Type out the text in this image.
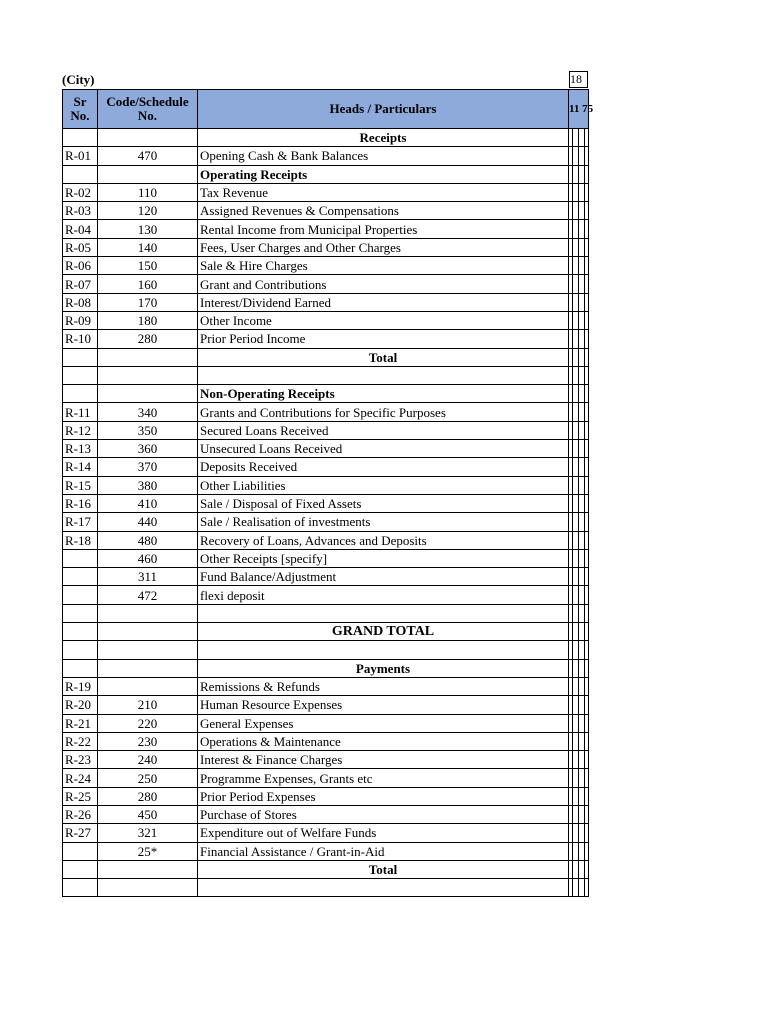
(City)	18
Sr No.	Code/Schedule No.	Heads / Particulars	11 75			
		Receipts				
R-01	470	Opening Cash & Bank Balances				
		Operating Receipts				
R-02	110	Tax Revenue				
R-03	120	Assigned Revenues & Compensations				
R-04	130	Rental Income from Municipal Properties				
R-05	140	Fees, User Charges and Other Charges				
R-06	150	Sale & Hire Charges				
R-07	160	Grant and Contributions				
R-08	170	Interest/Dividend Earned				
R-09	180	Other Income				
R-10	280	Prior Period Income				
		Total				

		Non-Operating Receipts				
R-11	340	Grants and Contributions for Specific Purposes				
R-12	350	Secured Loans Received				
R-13	360	Unsecured Loans Received				
R-14	370	Deposits Received				
R-15	380	Other Liabilities				
R-16	410	Sale / Disposal of Fixed Assets				
R-17	440	Sale / Realisation of investments				
R-18	480	Recovery of Loans, Advances and Deposits				
	460	Other Receipts [specify]				
	311	Fund Balance/Adjustment				
	472	flexi deposit				

		GRAND TOTAL				

		Payments				
R-19		Remissions & Refunds				
R-20	210	Human Resource Expenses				
R-21	220	General Expenses				
R-22	230	Operations & Maintenance				
R-23	240	Interest & Finance Charges				
R-24	250	Programme Expenses, Grants etc				
R-25	280	Prior Period Expenses				
R-26	450	Purchase of Stores				
R-27	321	Expenditure out of Welfare Funds				
	25*	Financial Assistance / Grant-in-Aid				
		Total				
